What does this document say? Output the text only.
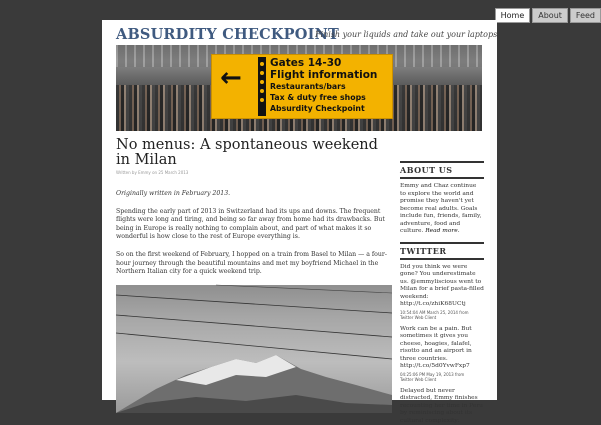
Home	About	Feed
ABSURDITY CHECKPOINT
Finish your liquids and take out your laptops
←	Gates 14-30
Flight information
Restaurants/bars
Tax & duty free shops
Absurdity Checkpoint
No menus: A spontaneous weekend in Milan
Written by Emmy on 25 March 2013

Originally written in February 2013.

Spending the early part of 2013 in Switzerland had its ups and downs. The frequent flights were long and tiring, and being so far away from home had its drawbacks. But being in Europe is really nothing to complain about, and part of what makes it so wonderful is how close to the rest of Europe everything is.

So on the first weekend of February, I hopped on a train from Basel to Milan — a four-hour journey through the beautiful mountains and met my boyfriend Michael in the Northern Italian city for a quick weekend trip.

ABOUT US

Emmy and Chaz continue to explore the world and promise they haven't yet become real adults. Goals include fun, friends, family, adventure, food and culture. Read more.

TWITTER

Did you think we were gone? You underestimate us. @emmyliscious went to Milan for a brief pasta-filled weekend: http://t.co/zhiK68UCtj

10:54:04 AM March 25, 2014 from
Twitter Web Client

Work can be a pain. But sometimes it gives you cheese, hoagies, falafel, risotto and an airport in three countries. http://t.co/5d0YvwFxp7

04:25:06 PM May 19, 2013 from
Twitter Web Client

Delayed but never distracted, Emmy finishes recounting her time in Peru by reminiscing about its cultural complexity:
